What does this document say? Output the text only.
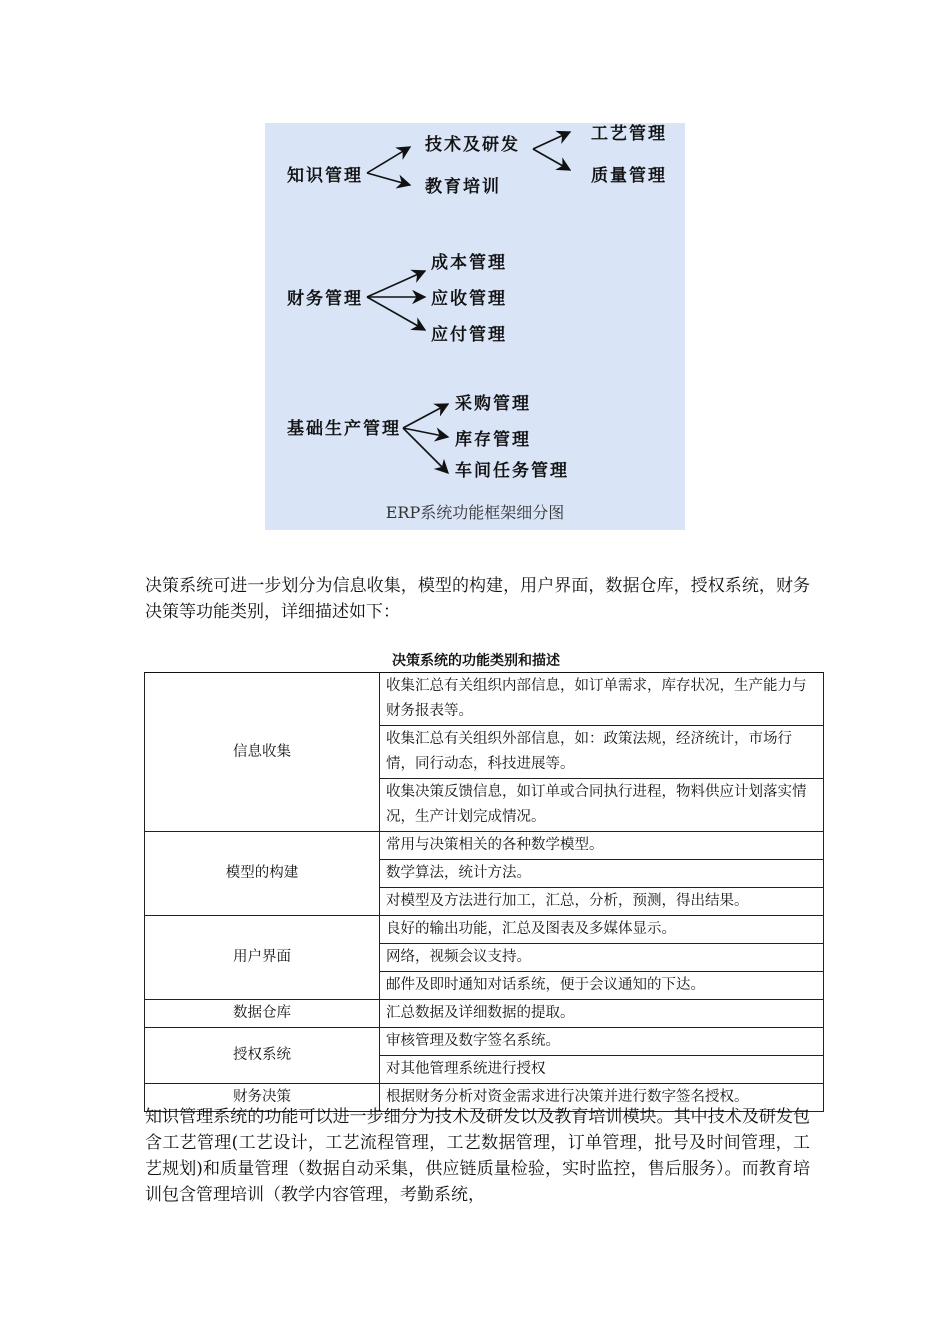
知识管理
技术及研发
教育培训
工艺管理
质量管理
财务管理
成本管理
应收管理
应付管理
基础生产管理
采购管理
库存管理
车间任务管理
ERP系统功能框架细分图

决策系统可进一步划分为信息收集，模型的构建，用户界面，数据仓库，授权系统，财务决策等功能类别，详细描述如下：

决策系统的功能类别和描述
信息收集	收集汇总有关组织内部信息，如订单需求，库存状况，生产能力与财务报表等。
	收集汇总有关组织外部信息，如：政策法规，经济统计，市场行情，同行动态，科技进展等。
	收集决策反馈信息，如订单或合同执行进程，物料供应计划落实情况，生产计划完成情况。
模型的构建	常用与决策相关的各种数学模型。
	数学算法，统计方法。
	对模型及方法进行加工，汇总，分析，预测，得出结果。
用户界面	良好的输出功能，汇总及图表及多媒体显示。
	网络，视频会议支持。
	邮件及即时通知对话系统，便于会议通知的下达。
数据仓库	汇总数据及详细数据的提取。
授权系统	审核管理及数字签名系统。
	对其他管理系统进行授权
财务决策	根据财务分析对资金需求进行决策并进行数字签名授权。

知识管理系统的功能可以进一步细分为技术及研发以及教育培训模块。其中技术及研发包含工艺管理(工艺设计，工艺流程管理，工艺数据管理，订单管理，批号及时间管理，工艺规划)和质量管理（数据自动采集，供应链质量检验，实时监控，售后服务）。而教育培训包含管理培训（教学内容管理，考勤系统，
